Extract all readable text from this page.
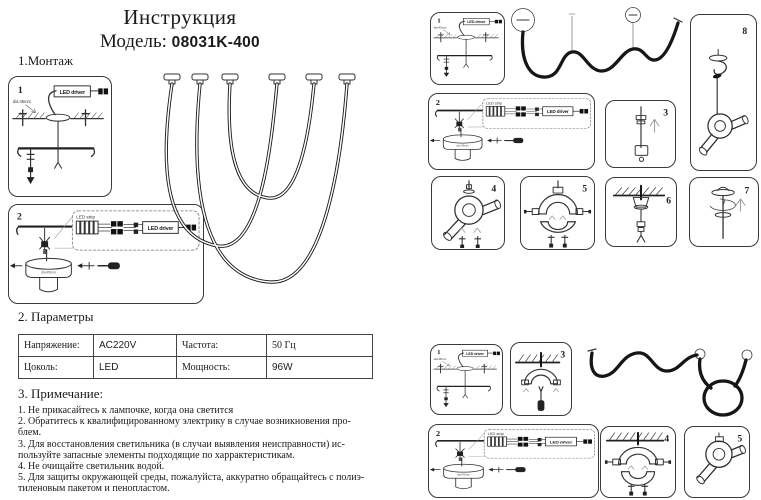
Инструкция
Модель: 08031K-400
1.Монтаж
2. Параметры
Напряжение:	AC220V	Частота:	50 Гц
Цоколь:	LED	Мощность:	96W
3. Примечание:
1. Не прикасайтесь к лампочке, когда она светится
2. Обратитесь к квалифицированному электрику в случае возникновения про-
блем.
3. Для восстановления светильника (в случаи выявления неисправности) ис-
пользуйте запасные элементы подходящие по харрактеристикам.
4. Не очищайте светильник водой.
5. Для защиты окружающей среды, пожалуйста, аккуратно обращайтесь с полиэ-
тиленовым пакетом и пенопластом.
8
3
4	5
6
7
3
4	5
